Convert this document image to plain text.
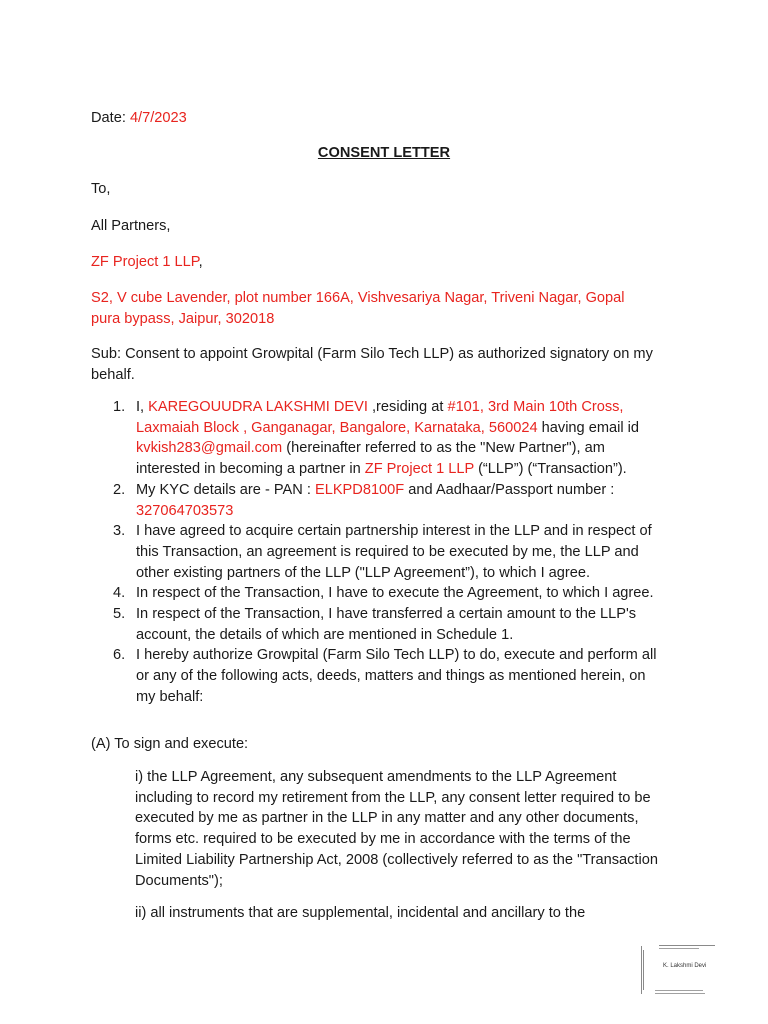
Date: 4/7/2023
CONSENT LETTER
To,
All Partners,
ZF Project 1 LLP,
S2, V cube Lavender, plot number 166A, Vishvesariya Nagar, Triveni Nagar, Gopal
pura bypass, Jaipur, 302018
Sub: Consent to appoint Growpital (Farm Silo Tech LLP) as authorized signatory on my
behalf.
1. I, KAREGOUUDRA LAKSHMI DEVI ,residing at #101, 3rd Main 10th Cross,
Laxmaiah Block , Ganganagar, Bangalore, Karnataka, 560024 having email id
kvkish283@gmail.com (hereinafter referred to as the "New Partner"), am
interested in becoming a partner in ZF Project 1 LLP (“LLP”) (“Transaction”).
2. My KYC details are - PAN : ELKPD8100F and Aadhaar/Passport number :
327064703573
3. I have agreed to acquire certain partnership interest in the LLP and in respect of
this Transaction, an agreement is required to be executed by me, the LLP and
other existing partners of the LLP ("LLP Agreement”), to which I agree.
4. In respect of the Transaction, I have to execute the Agreement, to which I agree.
5. In respect of the Transaction, I have transferred a certain amount to the LLP's
account, the details of which are mentioned in Schedule 1.
6. I hereby authorize Growpital (Farm Silo Tech LLP) to do, execute and perform all
or any of the following acts, deeds, matters and things as mentioned herein, on
my behalf:
(A) To sign and execute:
i) the LLP Agreement, any subsequent amendments to the LLP Agreement
including to record my retirement from the LLP, any consent letter required to be
executed by me as partner in the LLP in any matter and any other documents,
forms etc. required to be executed by me in accordance with the terms of the
Limited Liability Partnership Act, 2008 (collectively referred to as the "Transaction
Documents");
ii) all instruments that are supplemental, incidental and ancillary to the
K. Lakshmi Devi
